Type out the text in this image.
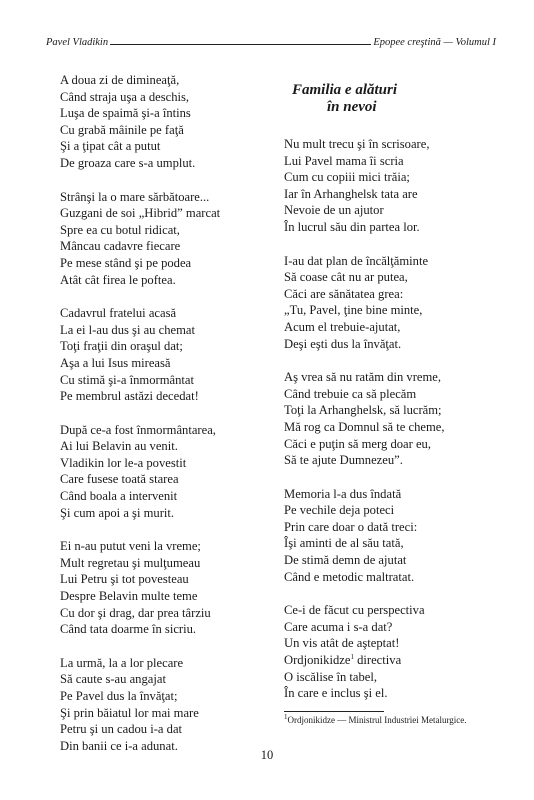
Pavel Vladikin	Epopee creştină — Volumul I
A doua zi de dimineaţă,
Când straja uşa a deschis,
Luşa de spaimă şi-a întins
Cu grabă mâinile pe faţă
Şi a ţipat cât a putut
De groaza care s-a umplut.
Strânşi la o mare sărbătoare...
Guzgani de soi „Hibrid” marcat
Spre ea cu botul ridicat,
Mâncau cadavre fiecare
Pe mese stând şi pe podea
Atât cât firea le poftea.
Cadavrul fratelui acasă
La ei l-au dus şi au chemat
Toţi fraţii din oraşul dat;
Aşa a lui Isus mireasă
Cu stimă şi-a înmormântat
Pe membrul astăzi decedat!
După ce-a fost înmormântarea,
Ai lui Belavin au venit.
Vladikin lor le-a povestit
Care fusese toată starea
Când boala a intervenit
Şi cum apoi a şi murit.
Ei n-au putut veni la vreme;
Mult regretau şi mulţumeau
Lui Petru şi tot povesteau
Despre Belavin multe teme
Cu dor şi drag, dar prea târziu
Când tata doarme în sicriu.
La urmă, la a lor plecare
Să caute s-au angajat
Pe Pavel dus la învăţat;
Şi prin băiatul lor mai mare
Petru şi un cadou i-a dat
Din banii ce i-a adunat.
Familia e alături
în nevoi
Nu mult trecu şi în scrisoare,
Lui Pavel mama îi scria
Cum cu copiii mici trăia;
Iar în Arhanghelsk tata are
Nevoie de un ajutor
În lucrul său din partea lor.
I-au dat plan de încălţăminte
Să coase cât nu ar putea,
Căci are sănătatea grea:
„Tu, Pavel, ţine bine minte,
Acum el trebuie-ajutat,
Deşi eşti dus la învăţat.
Aş vrea să nu ratăm din vreme,
Când trebuie ca să plecăm
Toţi la Arhanghelsk, să lucrăm;
Mă rog ca Domnul să te cheme,
Căci e puţin să merg doar eu,
Să te ajute Dumnezeu”.
Memoria l-a dus îndată
Pe vechile deja poteci
Prin care doar o dată treci:
Îşi aminti de al său tată,
De stimă demn de ajutat
Când e metodic maltratat.
Ce-i de făcut cu perspectiva
Care acuma i s-a dat?
Un vis atât de aşteptat!
Ordjonikidze$^1$ directiva
O iscălise în tabel,
În care e inclus şi el.
$^1$Ordjonikidze — Ministrul Industriei Metalurgice.
10
